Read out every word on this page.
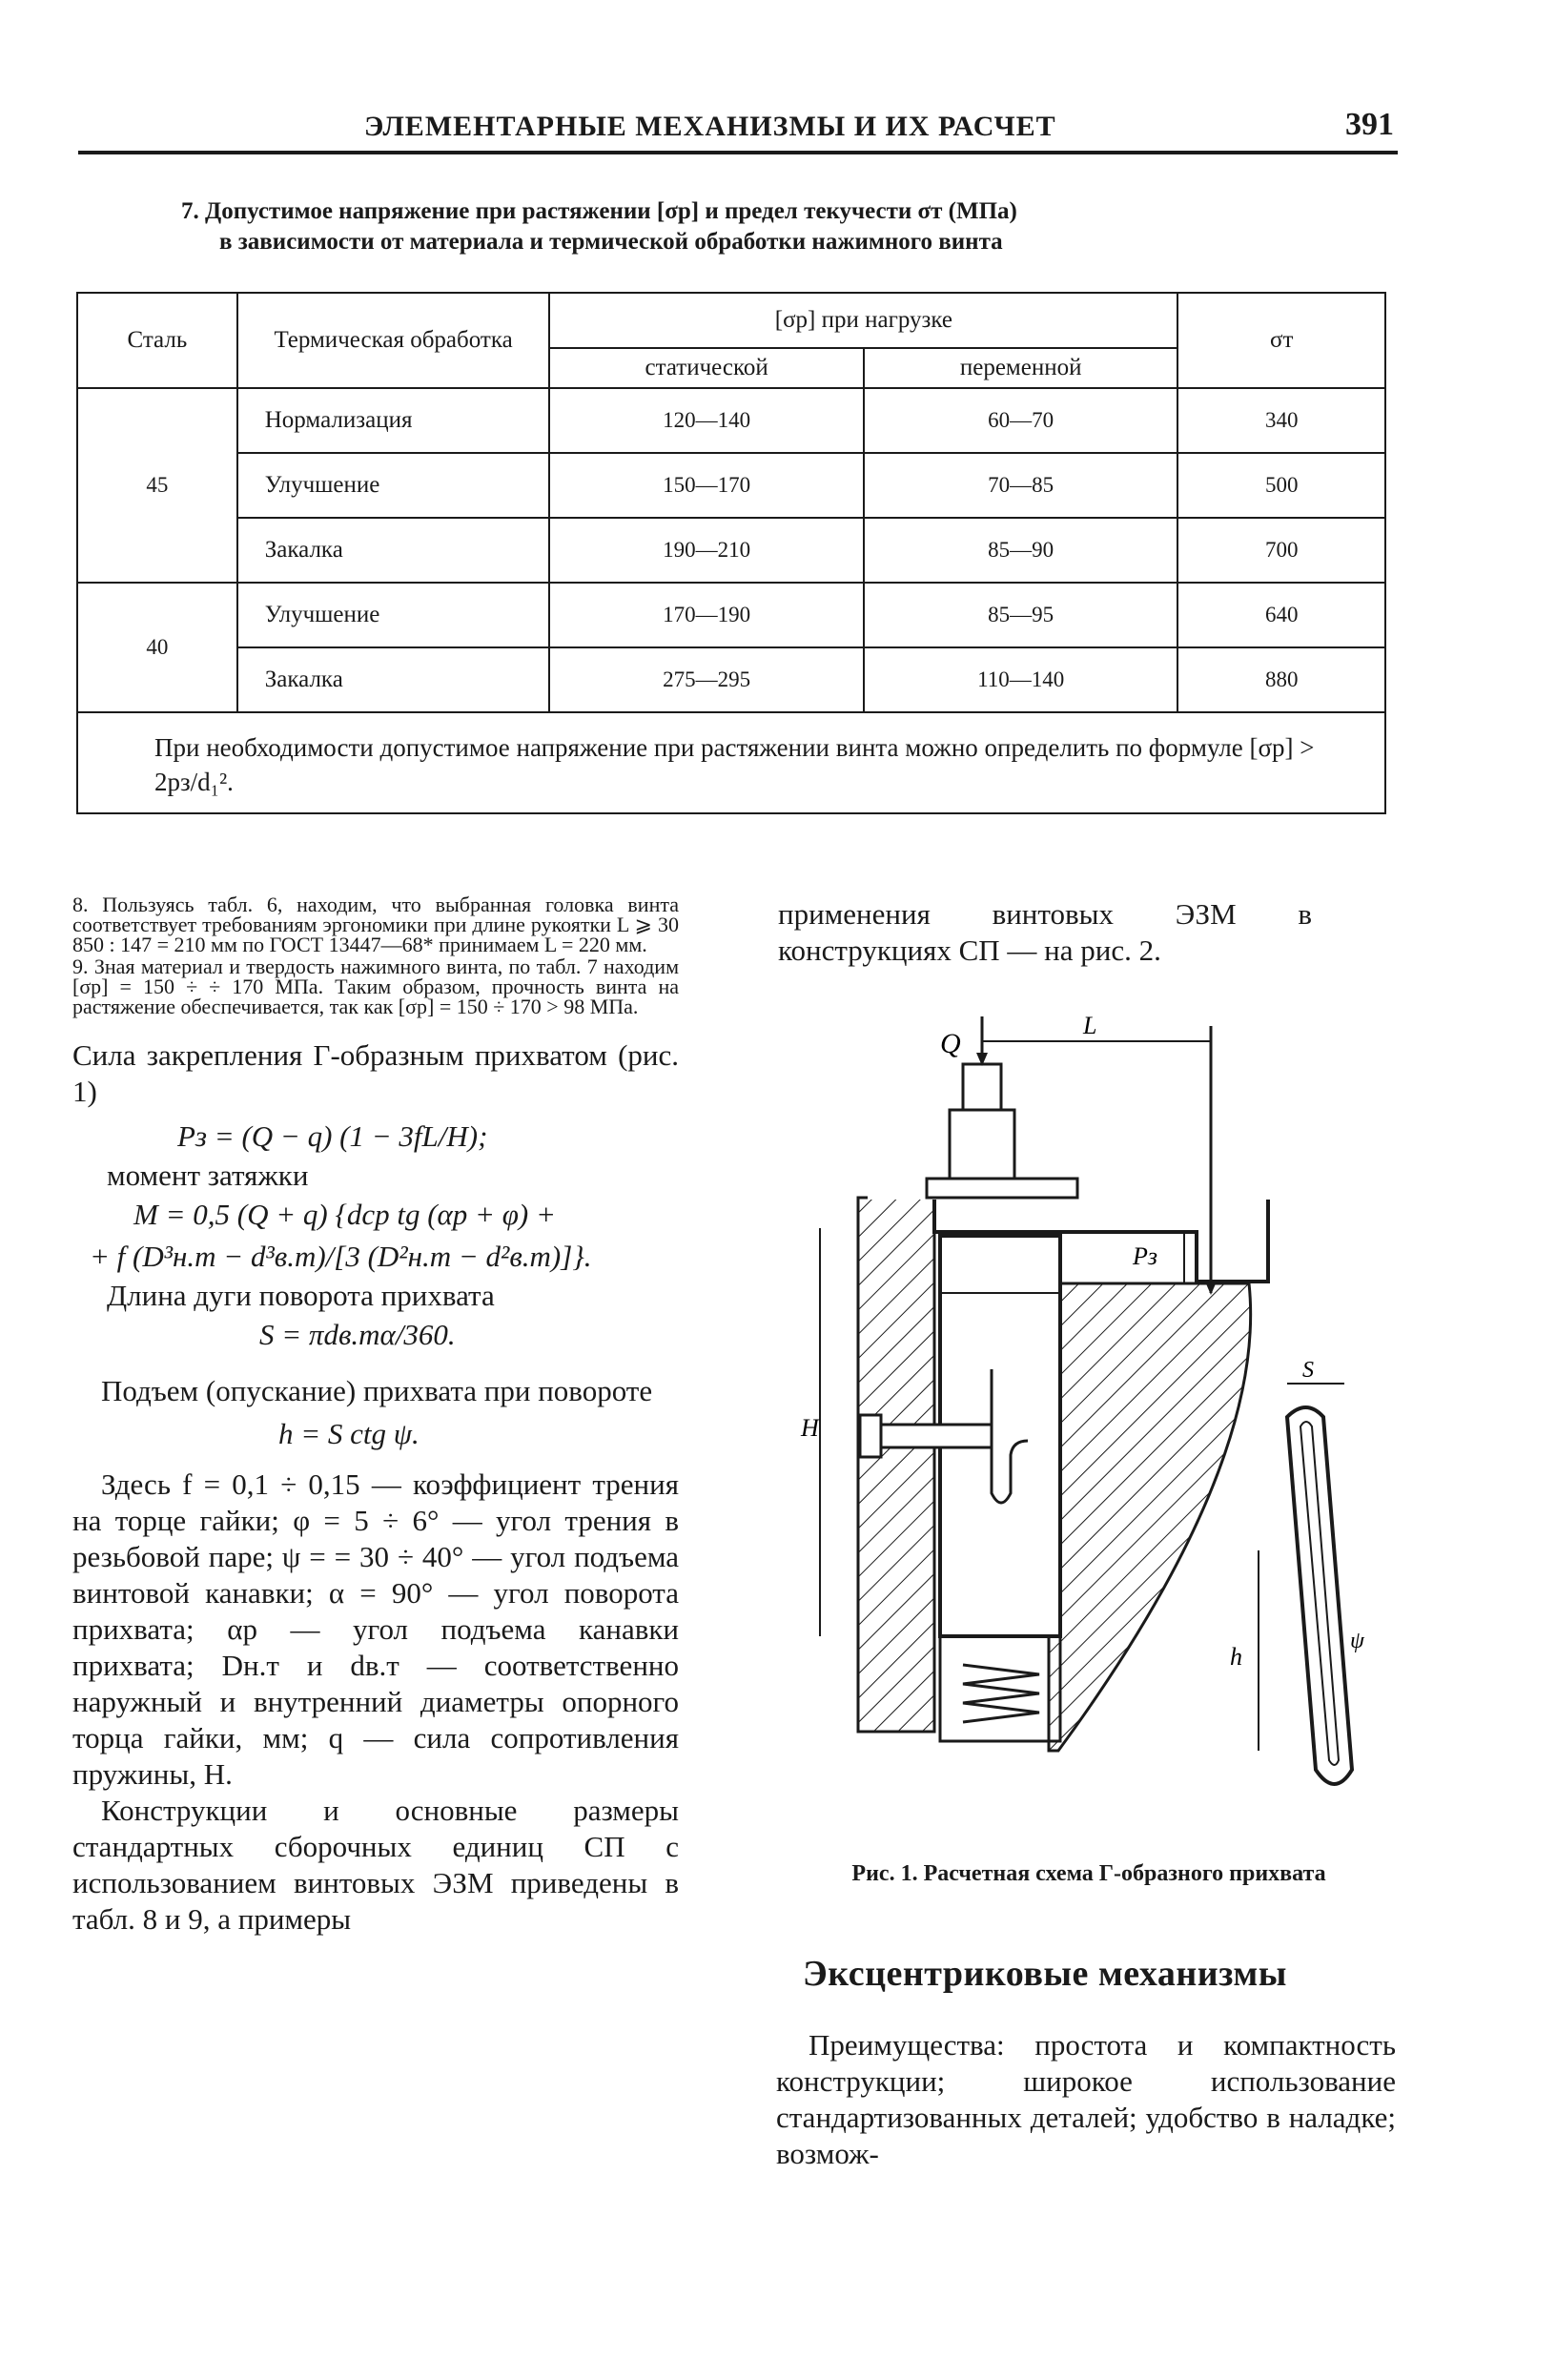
ЭЛЕМЕНТАРНЫЕ МЕХАНИЗМЫ И ИХ РАСЧЕТ	391
7. Допустимое напряжение при растяжении [σp] и предел текучести σт (МПа)
в зависимости от материала и термической обработки нажимного винта
Сталь	Термическая обработка	[σp] при нагрузке		σт
		статической	переменной	
45	Нормализация	120—140	60—70	340
	Улучшение	150—170	70—85	500
	Закалка	190—210	85—90	700
40	Улучшение	170—190	85—95	640
	Закалка	275—295	110—140	880
При необходимости допустимое напряжение при растяжении винта можно определить по формуле [σp] > 2pз/d₁².				
8. Пользуясь табл. 6, находим, что выбранная головка винта соответствует требованиям эргономики при длине рукоятки L ⩾ 30 850 : 147 = 210 мм по ГОСТ 13447—68* принимаем L = 220 мм.
9. Зная материал и твердость нажимного винта, по табл. 7 находим [σp] = 150 ÷ ÷ 170 МПа. Таким образом, прочность винта на растяжение обеспечивается, так как [σp] = 150 ÷ 170 > 98 МПа.
Сила закрепления Г-образным прихватом (рис. 1)
Pз = (Q − q) (1 − 3fL/H);
момент затяжки
M = 0,5 (Q + q) {dср tg (αр + φ) +
+ f (D³н.т − d³в.т)/[3 (D²н.т − d²в.т)]}.
Длина дуги поворота прихвата
S = πdв.тα/360.
Подъем (опускание) прихвата при повороте
h = S ctg ψ.
Здесь f = 0,1 ÷ 0,15 — коэффициент трения на торце гайки; φ = 5 ÷ 6° — угол трения в резьбовой паре; ψ = = 30 ÷ 40° — угол подъема винтовой канавки; α = 90° — угол поворота прихвата; αр — угол подъема канавки прихвата; Dн.т и dв.т — соответственно наружный и внутренний диаметры опорного торца гайки, мм; q — сила сопротивления пружины, Н.
Конструкции и основные размеры стандартных сборочных единиц СП с использованием винтовых ЭЗМ приведены в табл. 8 и 9, а примеры
применения винтовых ЭЗМ в конструкциях СП — на рис. 2.
Q
L
Pз
H
h
S
ψ
Рис. 1. Расчетная схема Г-образного прихвата
Эксцентриковые механизмы
Преимущества: простота и компактность конструкции; широкое использование стандартизованных деталей; удобство в наладке; возмож-
